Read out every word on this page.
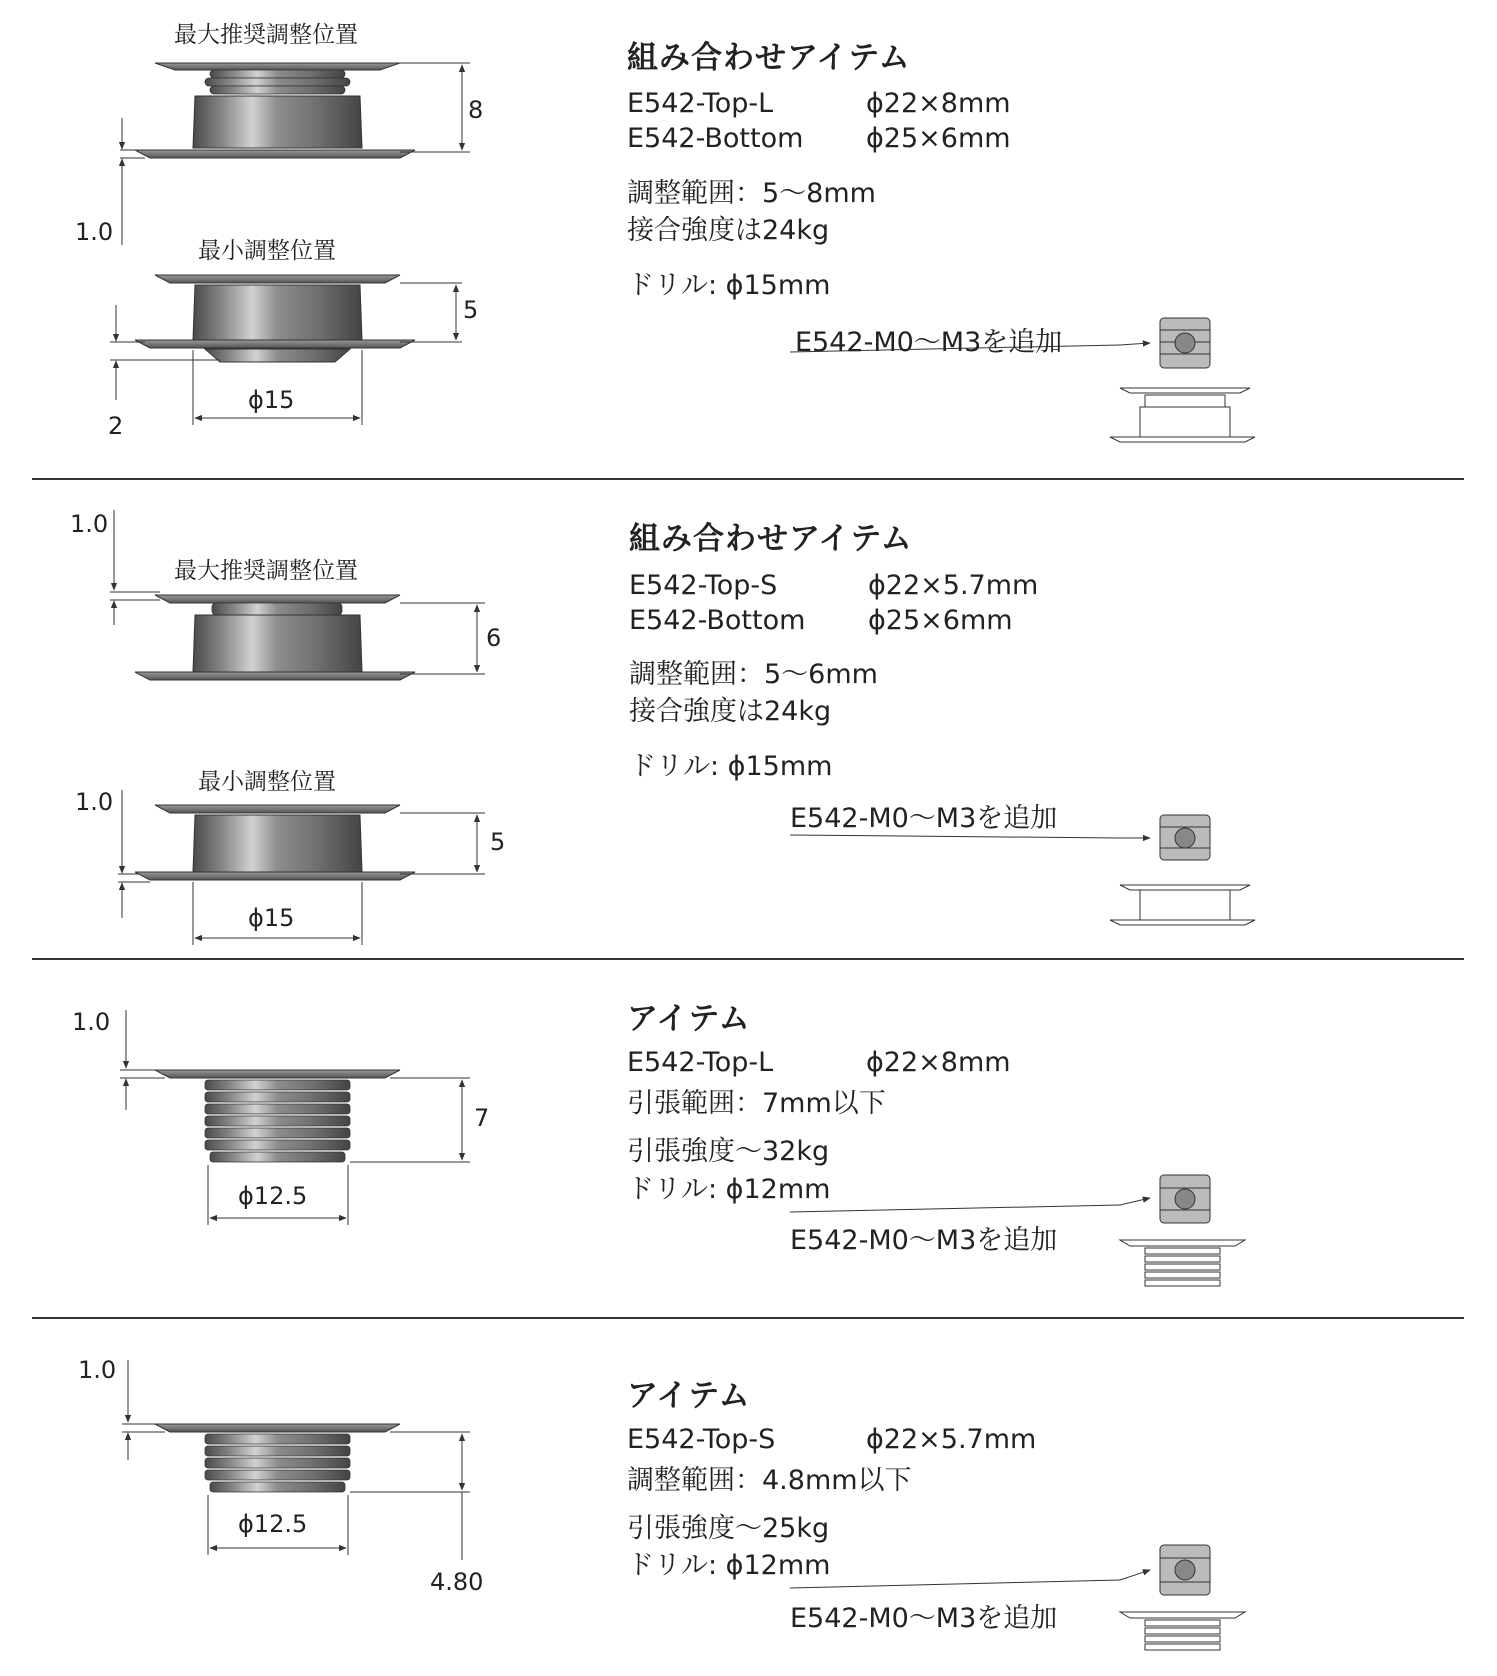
最大推奨調整位置
8
1.0
最小調整位置
5
2
ϕ15
組み合わせアイテム
E542-Top-L	ϕ22×8mm
E542-Bottom ϕ25×6mm
調整範囲：5〜8mm
接合強度は24kg
ドリル: ϕ15mm
E542-M0〜M3を追加
1.0
最大推奨調整位置
6
最小調整位置
1.0
5
ϕ15
組み合わせアイテム
E542-Top-S	ϕ22×5.7mm
E542-Bottom ϕ25×6mm
調整範囲：5〜6mm
接合強度は24kg
ドリル: ϕ15mm
E542-M0〜M3を追加
1.0
7
ϕ12.5
アイテム
E542-Top-L	ϕ22×8mm
引張範囲：7mm以下
引張強度〜32kg
ドリル: ϕ12mm
E542-M0〜M3を追加
1.0
ϕ12.5
4.80
アイテム
E542-Top-S	ϕ22×5.7mm
調整範囲：4.8mm以下
引張強度〜25kg
ドリル: ϕ12mm
E542-M0〜M3を追加
